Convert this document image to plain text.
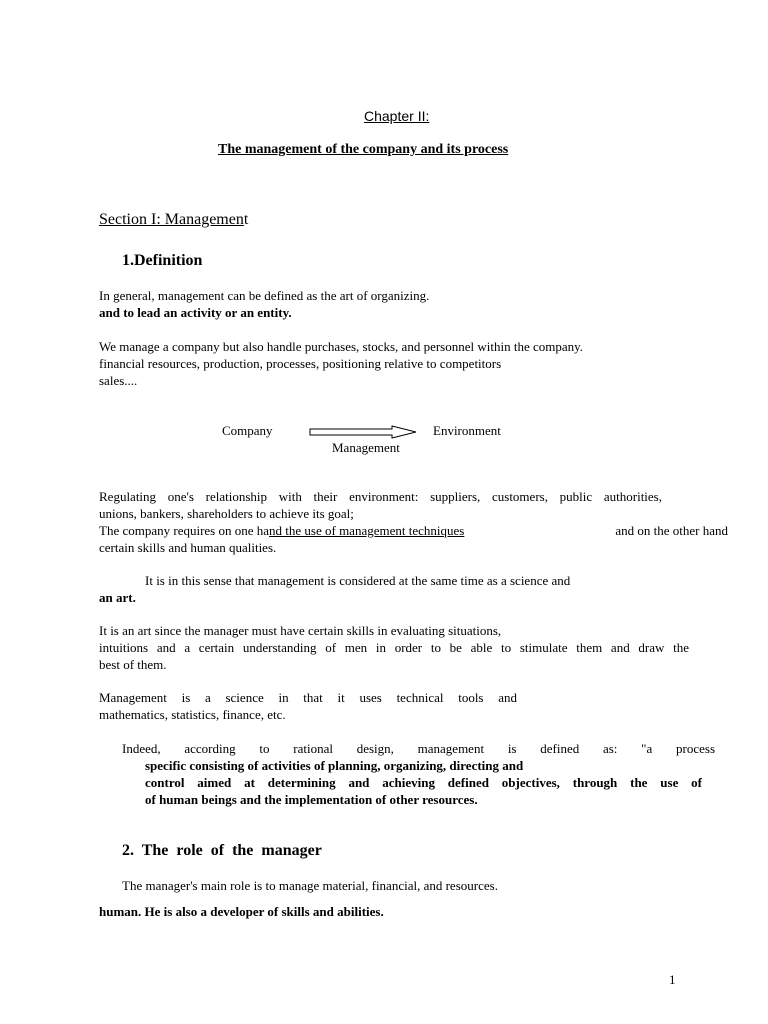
Chapter II:
The management of the company and its process
Section I: Management
1.Definition
In general, management can be defined as the art of organizing.
and to lead an activity or an entity.
We manage a company but also handle purchases, stocks, and personnel within the company.
financial resources, production, processes, positioning relative to competitors
sales....
Company	Environment
Management
Regulating one's relationship with their environment: suppliers, customers, public authorities,
unions, bankers, shareholders to achieve its goal;
The company requires on one hand the use of management techniques	and on the other hand
certain skills and human qualities.
It is in this sense that management is considered at the same time as a science and
an art.
It is an art since the manager must have certain skills in evaluating situations,
intuitions and a certain understanding of men in order to be able to stimulate them and draw the
best of them.
Management is a science in that it uses technical tools and
mathematics, statistics, finance, etc.
Indeed, according to rational design, management is defined as: "a process
specific consisting of activities of planning, organizing, directing and
control aimed at determining and achieving defined objectives, through the use of
of human beings and the implementation of other resources.
2.  The  role  of  the  manager
The manager's main role is to manage material, financial, and resources.
human. He is also a developer of skills and abilities.
1
